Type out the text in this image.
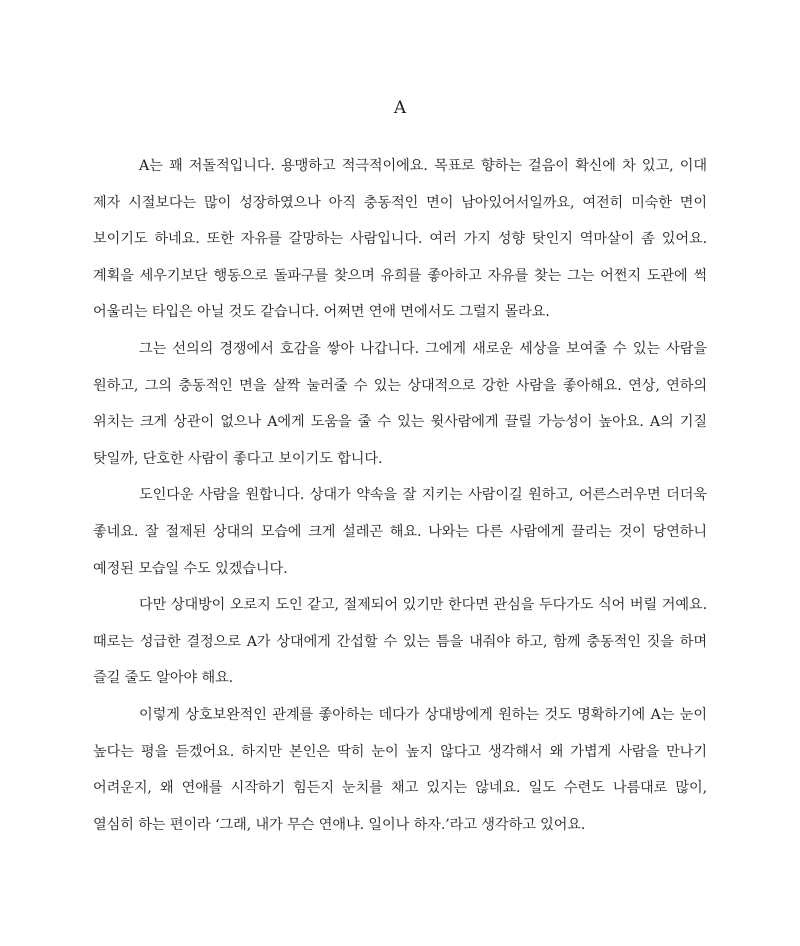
A

A는 꽤 저돌적입니다. 용맹하고 적극적이에요. 목표로 향하는 걸음이 확신에 차 있고, 이대 제자 시절보다는 많이 성장하였으나 아직 충동적인 면이 남아있어서일까요, 여전히 미숙한 면이 보이기도 하네요. 또한 자유를 갈망하는 사람입니다. 여러 가지 성향 탓인지 역마살이 좀 있어요. 계획을 세우기보단 행동으로 돌파구를 찾으며 유희를 좋아하고 자유를 찾는 그는 어쩐지 도관에 썩 어울리는 타입은 아닐 것도 같습니다. 어쩌면 연애 면에서도 그럴지 몰라요.

그는 선의의 경쟁에서 호감을 쌓아 나갑니다. 그에게 새로운 세상을 보여줄 수 있는 사람을 원하고, 그의 충동적인 면을 살짝 눌러줄 수 있는 상대적으로 강한 사람을 좋아해요. 연상, 연하의 위치는 크게 상관이 없으나 A에게 도움을 줄 수 있는 윗사람에게 끌릴 가능성이 높아요. A의 기질 탓일까, 단호한 사람이 좋다고 보이기도 합니다.

도인다운 사람을 원합니다. 상대가 약속을 잘 지키는 사람이길 원하고, 어른스러우면 더더욱 좋네요. 잘 절제된 상대의 모습에 크게 설레곤 해요. 나와는 다른 사람에게 끌리는 것이 당연하니 예정된 모습일 수도 있겠습니다.

다만 상대방이 오로지 도인 같고, 절제되어 있기만 한다면 관심을 두다가도 식어 버릴 거예요. 때로는 성급한 결정으로 A가 상대에게 간섭할 수 있는 틈을 내줘야 하고, 함께 충동적인 짓을 하며 즐길 줄도 알아야 해요.

이렇게 상호보완적인 관계를 좋아하는 데다가 상대방에게 원하는 것도 명확하기에 A는 눈이 높다는 평을 듣겠어요. 하지만 본인은 딱히 눈이 높지 않다고 생각해서 왜 가볍게 사람을 만나기 어려운지, 왜 연애를 시작하기 힘든지 눈치를 채고 있지는 않네요. 일도 수련도 나름대로 많이, 열심히 하는 편이라 ‘그래, 내가 무슨 연애냐. 일이나 하자.’라고 생각하고 있어요.
